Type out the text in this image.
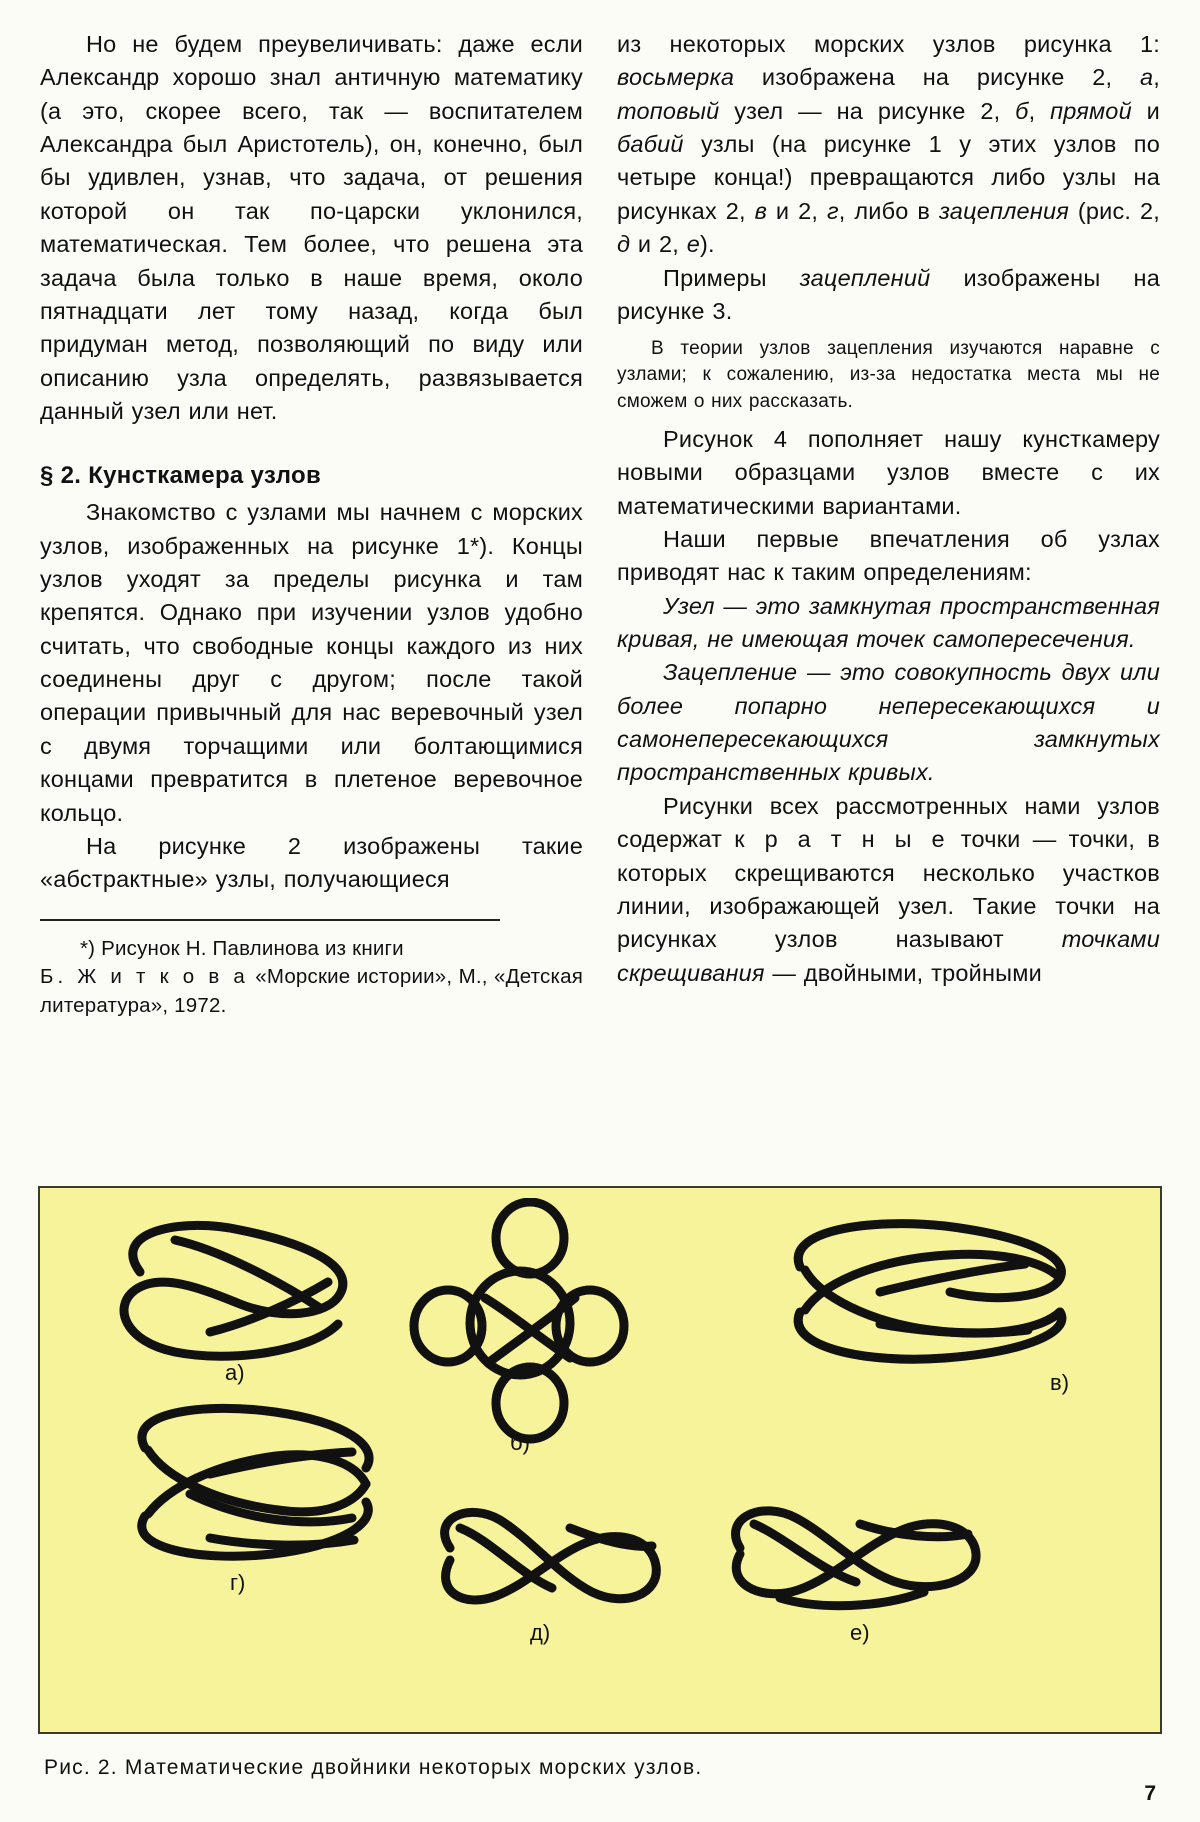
Но не будем преувеличивать: даже если Александр хорошо знал античную математику (а это, скорее всего, так — воспитателем Александра был Аристотель), он, конечно, был бы удивлен, узнав, что задача, от решения которой он так по-царски уклонился, математическая. Тем более, что решена эта задача была только в наше время, около пятнадцати лет тому назад, когда был придуман метод, позволяющий по виду или описанию узла определять, развязывается данный узел или нет.

§ 2. Кунсткамера узлов

Знакомство с узлами мы начнем с морских узлов, изображенных на рисунке 1*). Концы узлов уходят за пределы рисунка и там крепятся. Однако при изучении узлов удобно считать, что свободные концы каждого из них соединены друг с другом; после такой операции привычный для нас веревочный узел с двумя торчащими или болтающимися концами превратится в плетеное веревочное кольцо.

На рисунке 2 изображены такие «абстрактные» узлы, получающиеся

*) Рисунок Н. Павлинова из книги
Б. Ж и т к о в а «Морские истории», М., «Детская литература», 1972.

из некоторых морских узлов рисунка 1: восьмерка изображена на рисунке 2, а, топовый узел — на рисунке 2, б, прямой и бабий узлы (на рисунке 1 у этих узлов по четыре конца!) превращаются либо узлы на рисунках 2, в и 2, г, либо в зацепления (рис. 2, д и 2, е).

Примеры зацеплений изображены на рисунке 3.

В теории узлов зацепления изучаются наравне с узлами; к сожалению, из-за недостатка места мы не сможем о них рассказать.

Рисунок 4 пополняет нашу кунсткамеру новыми образцами узлов вместе с их математическими вариантами.

Наши первые впечатления об узлах приводят нас к таким определениям:

Узел — это замкнутая пространственная кривая, не имеющая точек самопересечения.

Зацепление — это совокупность двух или более попарно непересекающихся и самонепересекающихся замкнутых пространственных кривых.

Рисунки всех рассмотренных нами узлов содержат к р а т н ы е точки — точки, в которых скрещиваются несколько участков линии, изображающей узел. Такие точки на рисунках узлов называют точками скрещивания — двойными, тройными

а)
б)
в)
г)
д)	е)
Рис. 2. Математические двойники некоторых морских узлов.
7
